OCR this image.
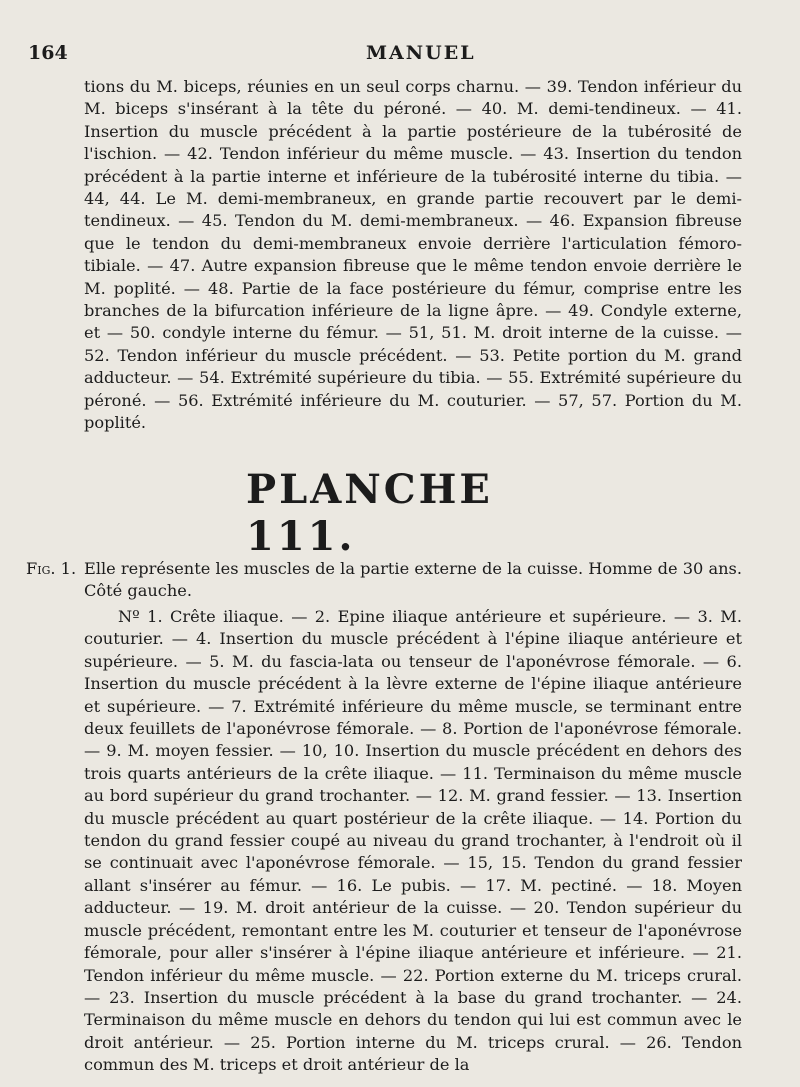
164	MANUEL

tions du M. biceps, réunies en un seul corps charnu. — 39. Tendon inférieur du M. biceps s'insérant à la tête du péroné. — 40. M. demi-tendineux. — 41. Insertion du muscle précédent à la partie postérieure de la tubérosité de l'ischion. — 42. Tendon inférieur du même muscle. — 43. Insertion du tendon précédent à la partie interne et inférieure de la tubérosité interne du tibia. — 44, 44. Le M. demi-membraneux, en grande partie recouvert par le demi-tendineux. — 45. Tendon du M. demi-membraneux. — 46. Expansion fibreuse que le tendon du demi-membraneux envoie derrière l'articulation fémoro-tibiale. — 47. Autre expansion fibreuse que le même tendon envoie derrière le M. poplité. — 48. Partie de la face postérieure du fémur, comprise entre les branches de la bifurcation inférieure de la ligne âpre. — 49. Condyle externe, et — 50. condyle interne du fémur. — 51, 51. M. droit interne de la cuisse. — 52. Tendon inférieur du muscle précédent. — 53. Petite portion du M. grand adducteur. — 54. Extrémité supérieure du tibia. — 55. Extrémité supérieure du péroné. — 56. Extrémité inférieure du M. couturier. — 57, 57. Portion du M. poplité.

PLANCHE 111.
Fig. 1. Elle représente les muscles de la partie externe de la cuisse. Homme de 30 ans. Côté gauche.

Nº 1. Crête iliaque. — 2. Epine iliaque antérieure et supérieure. — 3. M. couturier. — 4. Insertion du muscle précédent à l'épine iliaque antérieure et supérieure. — 5. M. du fascia-lata ou tenseur de l'aponévrose fémorale. — 6. Insertion du muscle précédent à la lèvre externe de l'épine iliaque antérieure et supérieure. — 7. Extrémité inférieure du même muscle, se terminant entre deux feuillets de l'aponévrose fémorale. — 8. Portion de l'aponévrose fémorale. — 9. M. moyen fessier. — 10, 10. Insertion du muscle précédent en dehors des trois quarts antérieurs de la crête iliaque. — 11. Terminaison du même muscle au bord supérieur du grand trochanter. — 12. M. grand fessier. — 13. Insertion du muscle précédent au quart postérieur de la crête iliaque. — 14. Portion du tendon du grand fessier coupé au niveau du grand trochanter, à l'endroit où il se continuait avec l'aponévrose fémorale. — 15, 15. Tendon du grand fessier allant s'insérer au fémur. — 16. Le pubis. — 17. M. pectiné. — 18. Moyen adducteur. — 19. M. droit antérieur de la cuisse. — 20. Tendon supérieur du muscle précédent, remontant entre les M. couturier et tenseur de l'aponévrose fémorale, pour aller s'insérer à l'épine iliaque antérieure et inférieure. — 21. Tendon inférieur du même muscle. — 22. Portion externe du M. triceps crural. — 23. Insertion du muscle précédent à la base du grand trochanter. — 24. Terminaison du même muscle en dehors du tendon qui lui est commun avec le droit antérieur. — 25. Portion interne du M. triceps crural. — 26. Tendon commun des M. triceps et droit antérieur de la
